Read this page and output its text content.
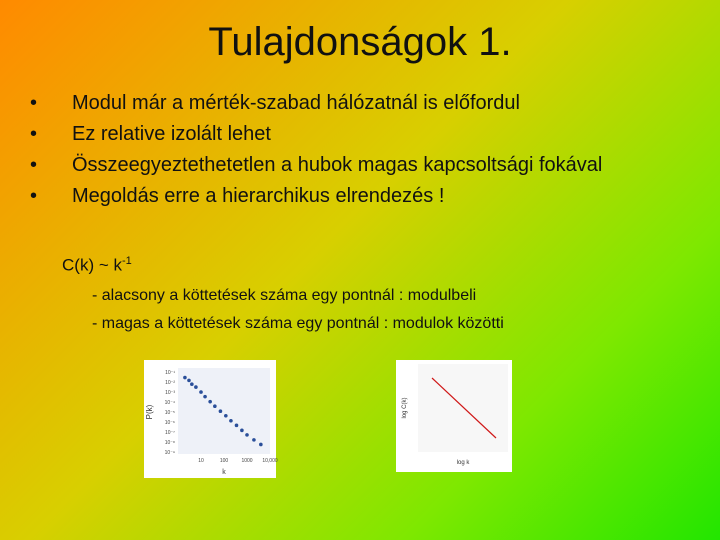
Tulajdonságok 1.
• Modul már a mérték-szabad hálózatnál is előfordul
• Ez relative izolált lehet
• Összeegyeztethetetlen a hubok magas kapcsoltsági fokával
• Megoldás erre a hierarchikus elrendezés !
C(k) ~ $k^{-1}$
- alacsony a köttetések száma egy pontnál : modulbeli
- magas a köttetések száma egy pontnál : modulok közötti
10⁻¹
10⁻²
10⁻³
10⁻⁴
10⁻⁵
10⁻⁶
10⁻⁷
10⁻⁸
10⁻⁹
10	100	1000 10,000
P(k)
k
log C(k)
log k
